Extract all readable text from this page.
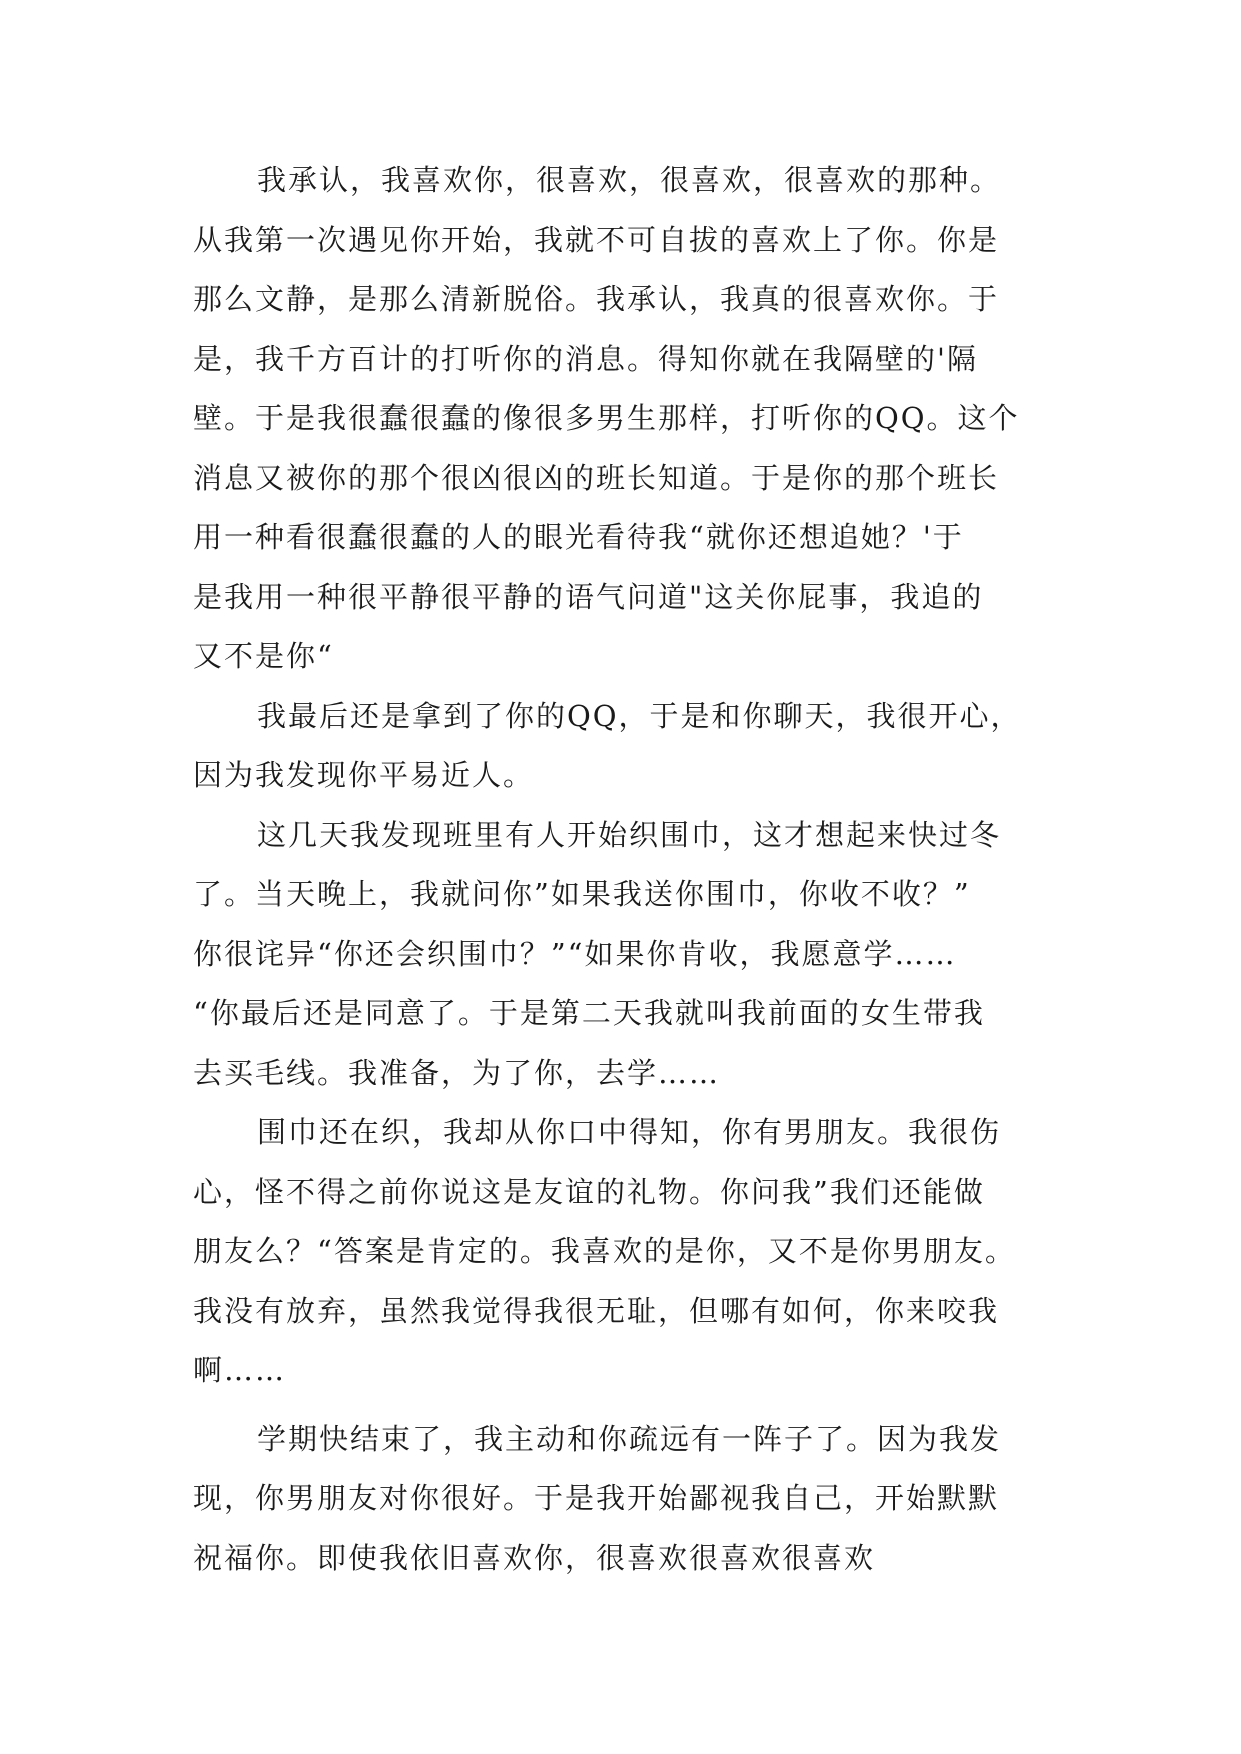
我承认，我喜欢你，很喜欢，很喜欢，很喜欢的那种。
从我第一次遇见你开始，我就不可自拔的喜欢上了你。你是
那么文静，是那么清新脱俗。我承认，我真的很喜欢你。于
是，我千方百计的打听你的消息。得知你就在我隔壁的'隔
壁。于是我很蠢很蠢的像很多男生那样，打听你的QQ。这个
消息又被你的那个很凶很凶的班长知道。于是你的那个班长
用一种看很蠢很蠢的人的眼光看待我“就你还想追她？'于
是我用一种很平静很平静的语气问道"这关你屁事，我追的
又不是你“
我最后还是拿到了你的QQ，于是和你聊天，我很开心，
因为我发现你平易近人。
这几天我发现班里有人开始织围巾，这才想起来快过冬
了。当天晚上，我就问你”如果我送你围巾，你收不收？”
你很诧异“你还会织围巾？”“如果你肯收，我愿意学……
“你最后还是同意了。于是第二天我就叫我前面的女生带我
去买毛线。我准备，为了你，去学……
围巾还在织，我却从你口中得知，你有男朋友。我很伤
心，怪不得之前你说这是友谊的礼物。你问我”我们还能做
朋友么？“答案是肯定的。我喜欢的是你，又不是你男朋友。
我没有放弃，虽然我觉得我很无耻，但哪有如何，你来咬我
啊……
学期快结束了，我主动和你疏远有一阵子了。因为我发
现，你男朋友对你很好。于是我开始鄙视我自己，开始默默
祝福你。即使我依旧喜欢你，很喜欢很喜欢很喜欢
